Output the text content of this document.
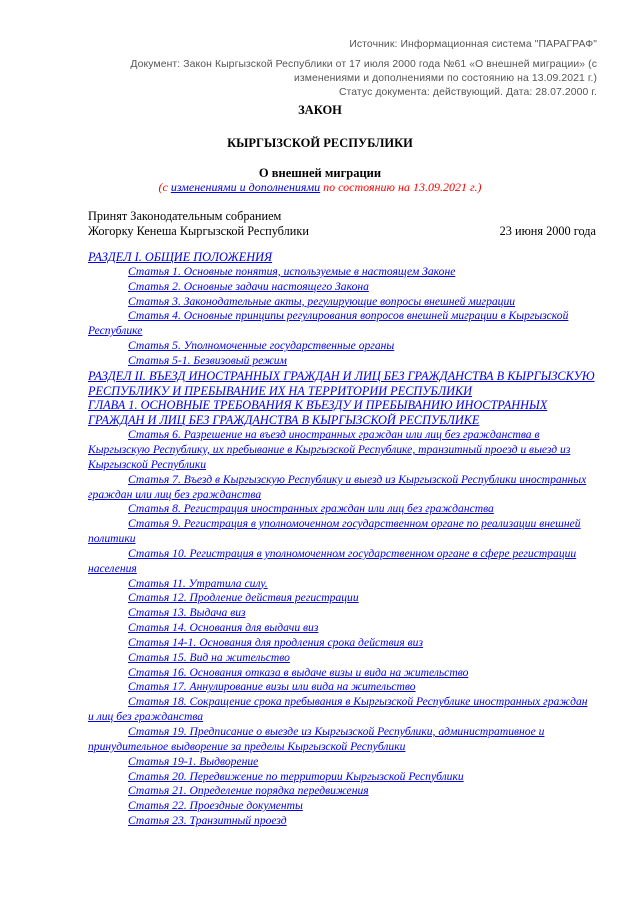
Источник: Информационная система "ПАРАГРАФ"
Документ: Закон Кыргызской Республики от 17 июля 2000 года №61 «О внешней миграции» (с изменениями и дополнениями по состоянию на 13.09.2021 г.)
Статус документа: действующий. Дата: 28.07.2000 г.
ЗАКОН
КЫРГЫЗСКОЙ РЕСПУБЛИКИ
О внешней миграции
(с изменениями и дополнениями по состоянию на 13.09.2021 г.)
Принят Законодательным собранием
Жогорку Кенеша Кыргызской Республики	23 июня 2000 года
РАЗДЕЛ I. ОБЩИЕ ПОЛОЖЕНИЯ
Статья 1. Основные понятия, используемые в настоящем Законе
Статья 2. Основные задачи настоящего Закона
Статья 3. Законодательные акты, регулирующие вопросы внешней миграции
Статья 4. Основные принципы регулирования вопросов внешней миграции в Кыргызской Республике
Статья 5. Уполномоченные государственные органы
Статья 5-1. Безвизовый режим
РАЗДЕЛ II. ВЪЕЗД ИНОСТРАННЫХ ГРАЖДАН И ЛИЦ БЕЗ ГРАЖДАНСТВА В КЫРГЫЗСКУЮ РЕСПУБЛИКУ И ПРЕБЫВАНИЕ ИХ НА ТЕРРИТОРИИ РЕСПУБЛИКИ
ГЛАВА 1. ОСНОВНЫЕ ТРЕБОВАНИЯ К ВЪЕЗДУ И ПРЕБЫВАНИЮ ИНОСТРАННЫХ ГРАЖДАН И ЛИЦ БЕЗ ГРАЖДАНСТВА В КЫРГЫЗСКОЙ РЕСПУБЛИКЕ
Статья 6. Разрешение на въезд иностранных граждан или лиц без гражданства в Кыргызскую Республику, их пребывание в Кыргызской Республике, транзитный проезд и выезд из Кыргызской Республики
Статья 7. Въезд в Кыргызскую Республику и выезд из Кыргызской Республики иностранных граждан или лиц без гражданства
Статья 8. Регистрация иностранных граждан или лиц без гражданства
Статья 9. Регистрация в уполномоченном государственном органе по реализации внешней политики
Статья 10. Регистрация в уполномоченном государственном органе в сфере регистрации населения
Статья 11. Утратила силу.
Статья 12. Продление действия регистрации
Статья 13. Выдача виз
Статья 14. Основания для выдачи виз
Статья 14-1. Основания для продления срока действия виз
Статья 15. Вид на жительство
Статья 16. Основания отказа в выдаче визы и вида на жительство
Статья 17. Аннулирование визы или вида на жительство
Статья 18. Сокращение срока пребывания в Кыргызской Республике иностранных граждан и лиц без гражданства
Статья 19. Предписание о выезде из Кыргызской Республики, административное и принудительное выдворение за пределы Кыргызской Республики
Статья 19-1. Выдворение
Статья 20. Передвижение по территории Кыргызской Республики
Статья 21. Определение порядка передвижения
Статья 22. Проездные документы
Статья 23. Транзитный проезд
